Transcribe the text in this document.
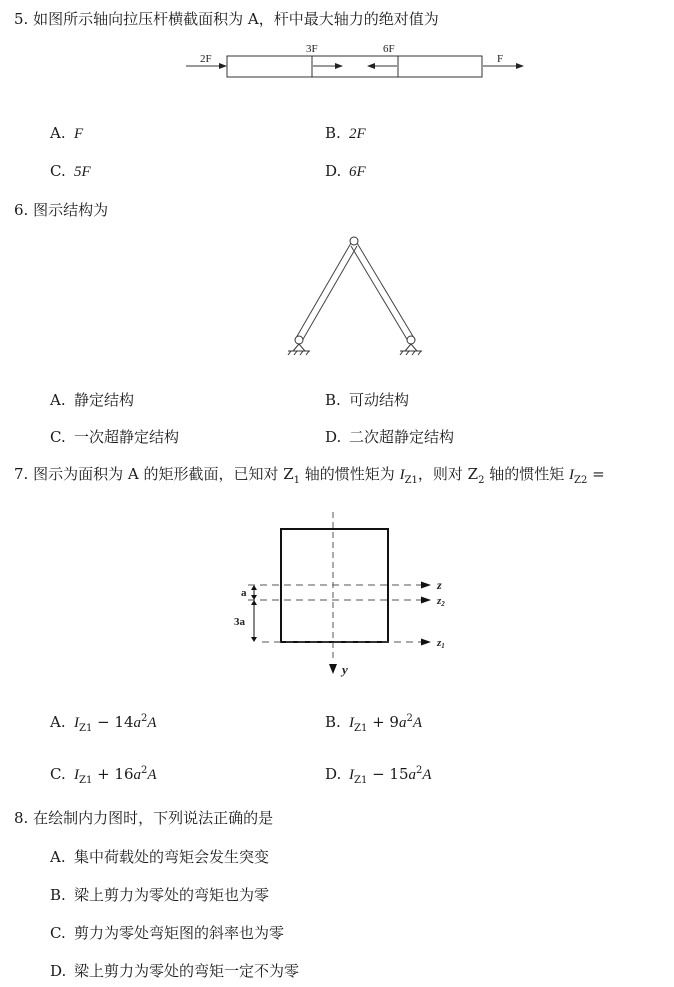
5. 如图所示轴向拉压杆横截面积为 A，杆中最大轴力的绝对值为
2F
3F	6F
F
A. F	B. 2F
C. 5F	D. 6F
6. 图示结构为
A. 静定结构	B. 可动结构
C. 一次超静定结构	D. 二次超静定结构
7. 图示为面积为 A 的矩形截面，已知对 $Z_1$ 轴的惯性矩为 $I_{Z1}$，则对 $Z_2$ 轴的惯性矩 $I_{Z2}$ =
y
z
z2
z1
a
3a
A. $I_{Z1} - 14a^2A$	B. $I_{Z1} + 9a^2A$
C. $I_{Z1} + 16a^2A$	D. $I_{Z1} - 15a^2A$
8. 在绘制内力图时，下列说法正确的是
A. 集中荷载处的弯矩会发生突变
B. 梁上剪力为零处的弯矩也为零
C. 剪力为零处弯矩图的斜率也为零
D. 梁上剪力为零处的弯矩一定不为零
